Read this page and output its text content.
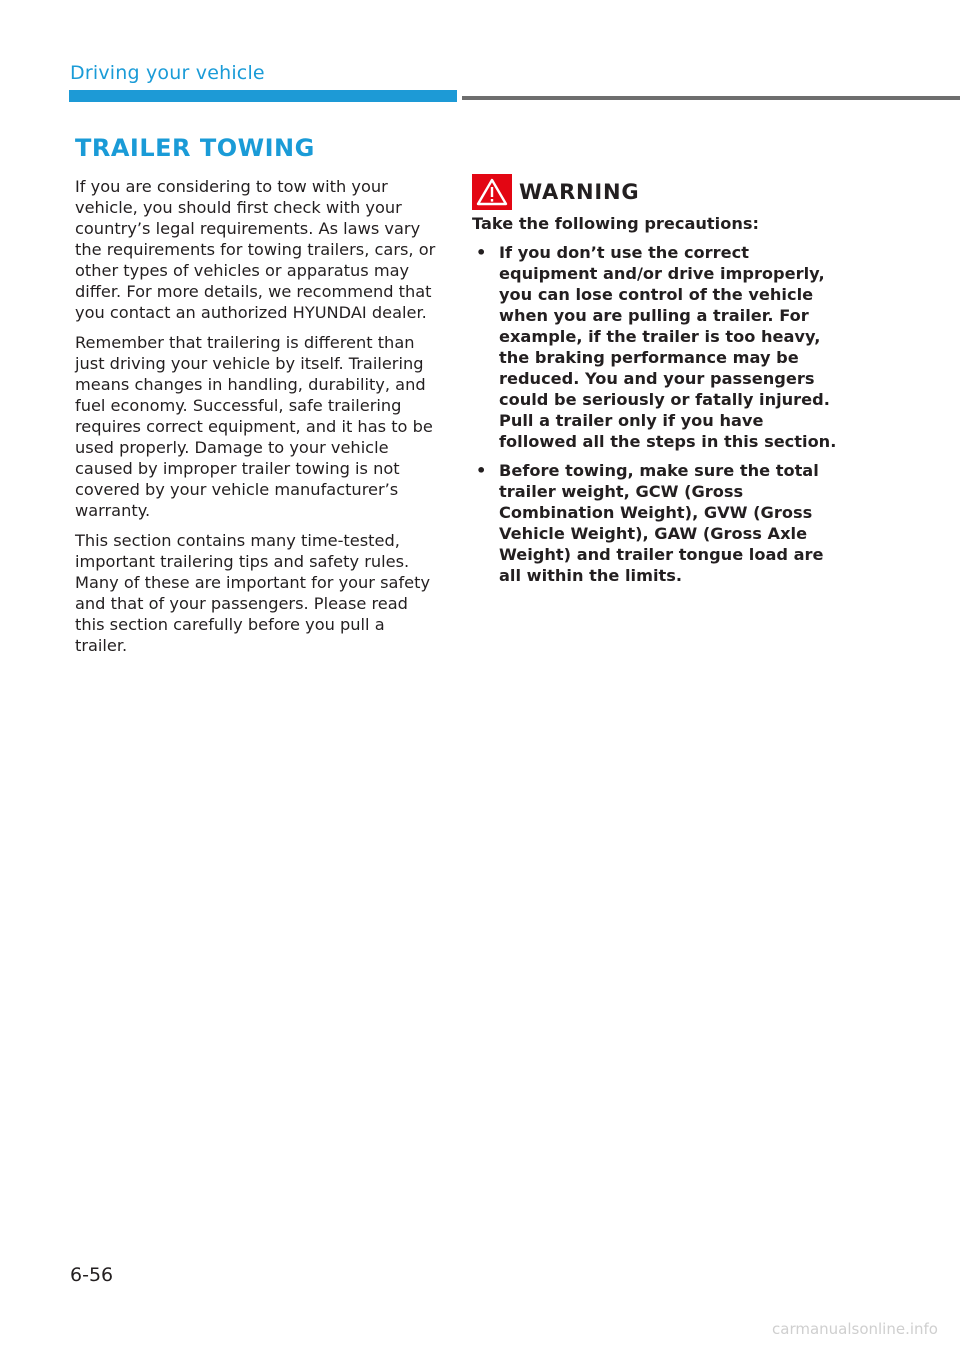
Driving your vehicle
TRAILER TOWING

If you are considering to tow with your vehicle, you should first check with your country’s legal requirements. As laws vary the requirements for towing trailers, cars, or other types of vehicles or apparatus may differ. For more details, we recommend that you contact an authorized HYUNDAI dealer.

Remember that trailering is different than just driving your vehicle by itself. Trailering means changes in handling, durability, and fuel economy. Successful, safe trailering requires correct equipment, and it has to be used properly. Damage to your vehicle caused by improper trailer towing is not covered by your vehicle manufacturer’s warranty.

This section contains many time-tested, important trailering tips and safety rules. Many of these are important for your safety and that of your passengers. Please read this section carefully before you pull a trailer.

WARNING

Take the following precautions:

• If you don’t use the correct equipment and/or drive improperly, you can lose control of the vehicle when you are pulling a trailer. For example, if the trailer is too heavy, the braking performance may be reduced. You and your passengers could be seriously or fatally injured. Pull a trailer only if you have followed all the steps in this section.
• Before towing, make sure the total trailer weight, GCW (Gross Combination Weight), GVW (Gross Vehicle Weight), GAW (Gross Axle Weight) and trailer tongue load are all within the limits.
6-56
carmanualsonline.info
